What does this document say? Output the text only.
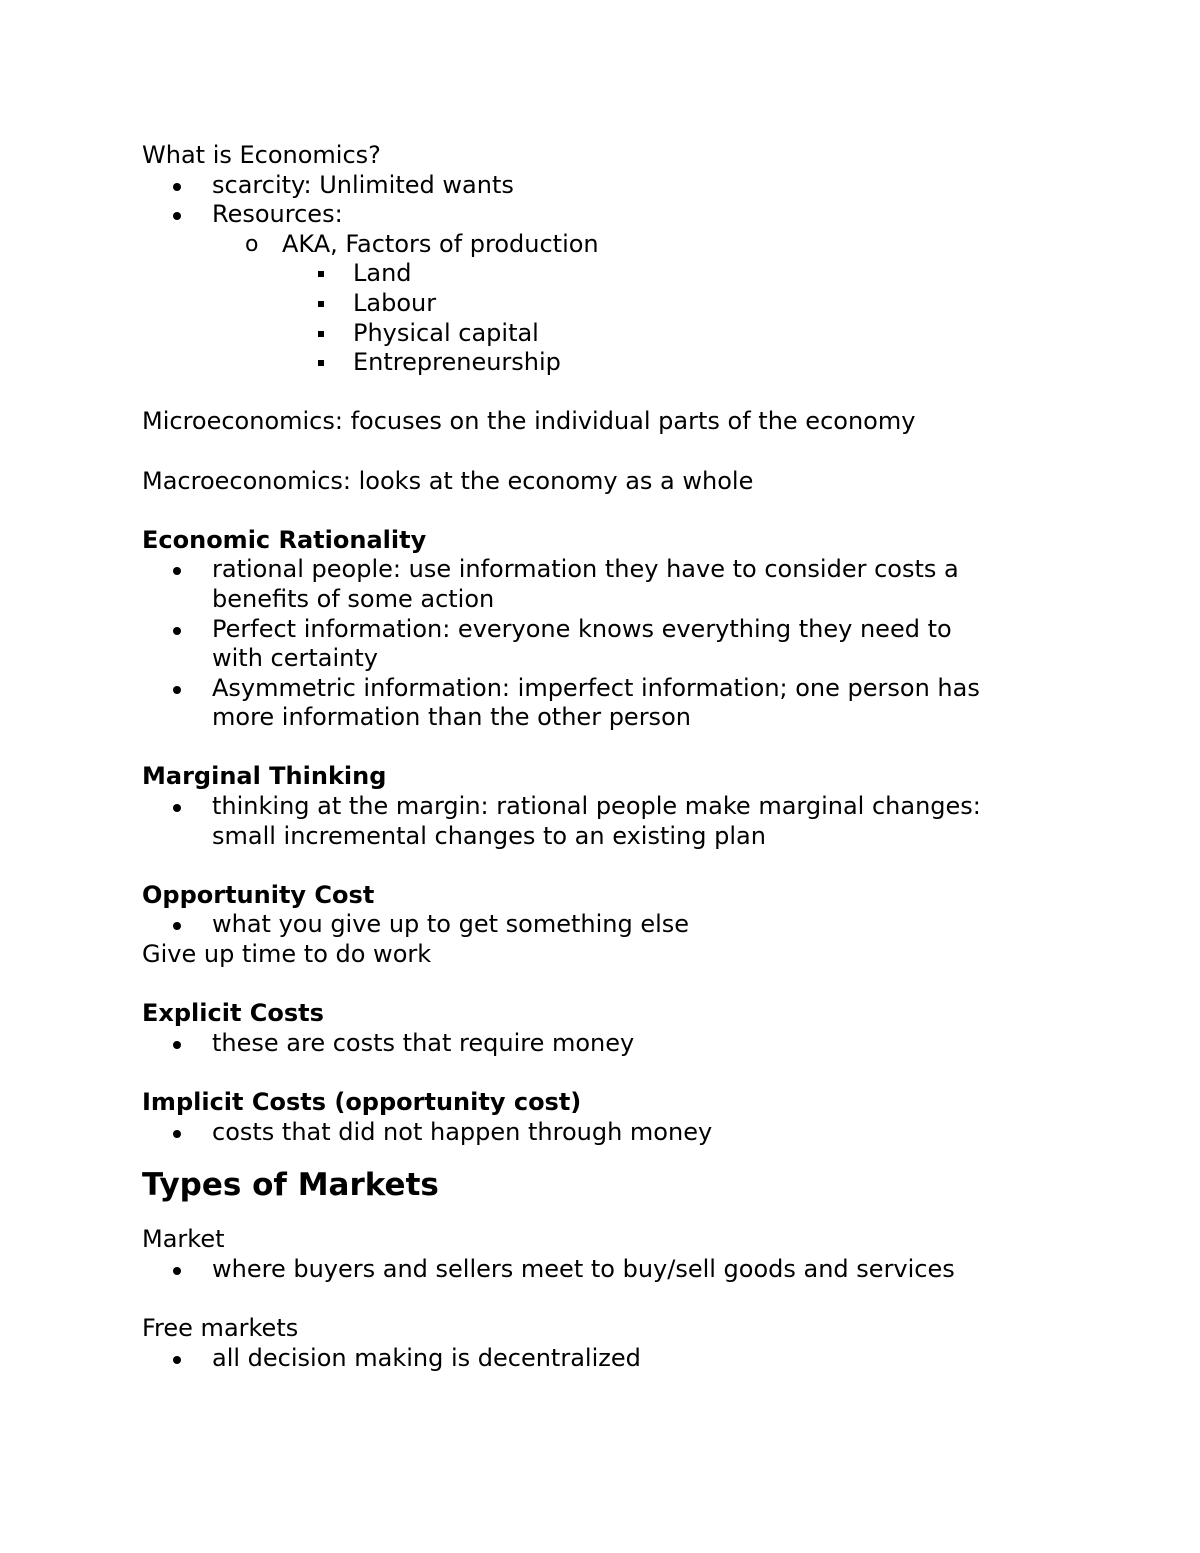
What is Economics?

scarcity: Unlimited wants
Resources:
o AKA, Factors of production
Land
Labour
Physical capital
Entrepreneurship

Microeconomics: focuses on the individual parts of the economy

Macroeconomics: looks at the economy as a whole

Economic Rationality

rational people: use information they have to consider costs a
benefits of some action
Perfect information: everyone knows everything they need to
with certainty
Asymmetric information: imperfect information; one person has
more information than the other person

Marginal Thinking

thinking at the margin: rational people make marginal changes:
small incremental changes to an existing plan

Opportunity Cost

what you give up to get something else

Give up time to do work

Explicit Costs

these are costs that require money

Implicit Costs (opportunity cost)

costs that did not happen through money

Types of Markets

Market

where buyers and sellers meet to buy/sell goods and services

Free markets

all decision making is decentralized
